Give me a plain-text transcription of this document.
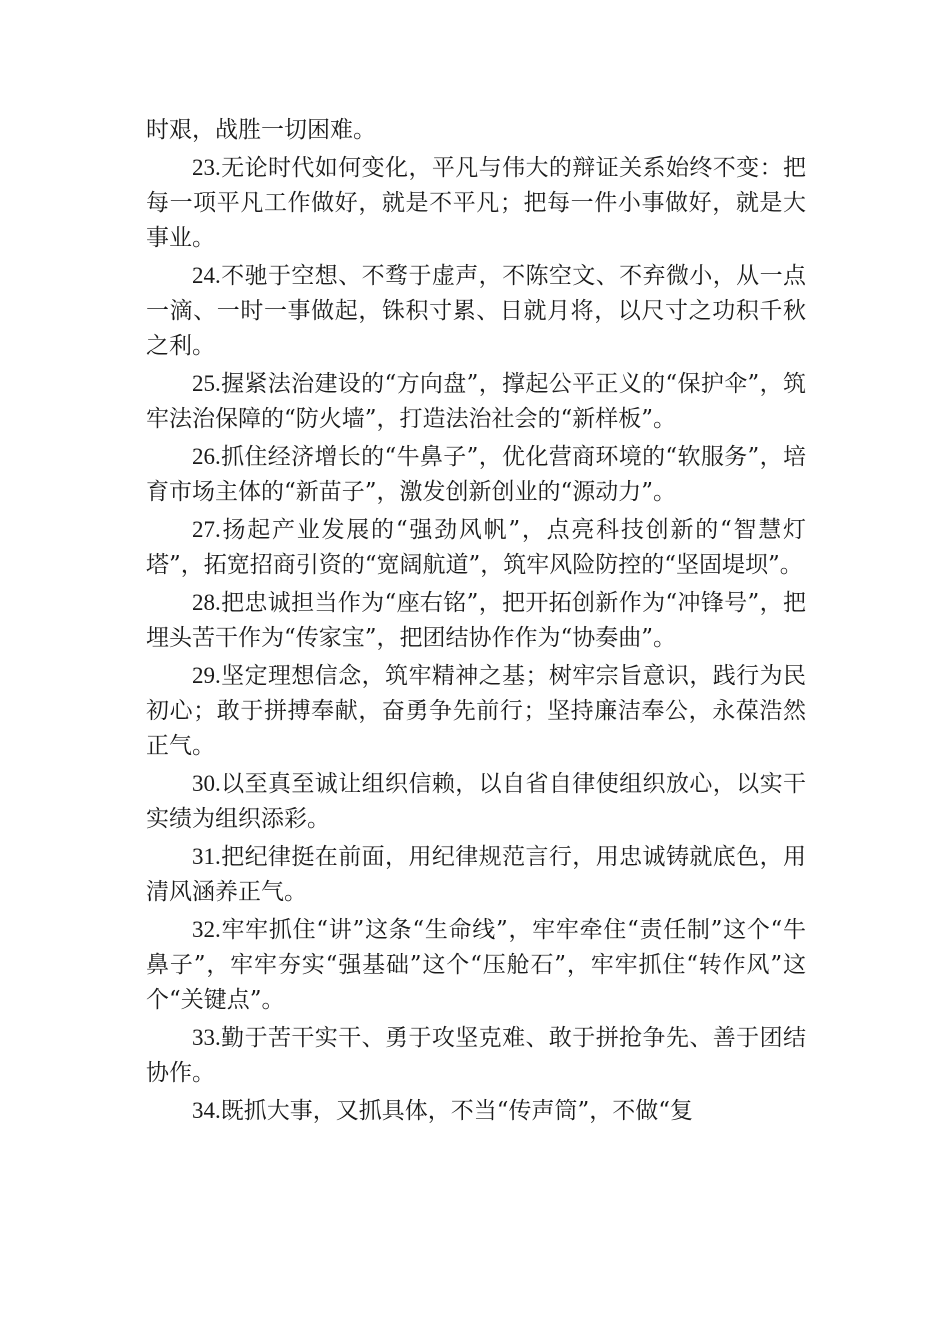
时艰，战胜一切困难。

23.无论时代如何变化，平凡与伟大的辩证关系始终不变：把每一项平凡工作做好，就是不平凡；把每一件小事做好，就是大事业。

24.不驰于空想、不骛于虚声，不陈空文、不弃微小，从一点一滴、一时一事做起，铢积寸累、日就月将，以尺寸之功积千秋之利。

25.握紧法治建设的“方向盘”，撑起公平正义的“保护伞”，筑牢法治保障的“防火墙”，打造法治社会的“新样板”。

26.抓住经济增长的“牛鼻子”，优化营商环境的“软服务”，培育市场主体的“新苗子”，激发创新创业的“源动力”。

27.扬起产业发展的“强劲风帆”，点亮科技创新的“智慧灯塔”，拓宽招商引资的“宽阔航道”，筑牢风险防控的“坚固堤坝”。

28.把忠诚担当作为“座右铭”，把开拓创新作为“冲锋号”，把埋头苦干作为“传家宝”，把团结协作作为“协奏曲”。

29.坚定理想信念，筑牢精神之基；树牢宗旨意识，践行为民初心；敢于拼搏奉献，奋勇争先前行；坚持廉洁奉公，永葆浩然正气。

30.以至真至诚让组织信赖，以自省自律使组织放心，以实干实绩为组织添彩。

31.把纪律挺在前面，用纪律规范言行，用忠诚铸就底色，用清风涵养正气。

32.牢牢抓住“讲”这条“生命线”，牢牢牵住“责任制”这个“牛鼻子”，牢牢夯实“强基础”这个“压舱石”，牢牢抓住“转作风”这个“关键点”。

33.勤于苦干实干、勇于攻坚克难、敢于拼抢争先、善于团结协作。

34.既抓大事，又抓具体，不当“传声筒”，不做“复
